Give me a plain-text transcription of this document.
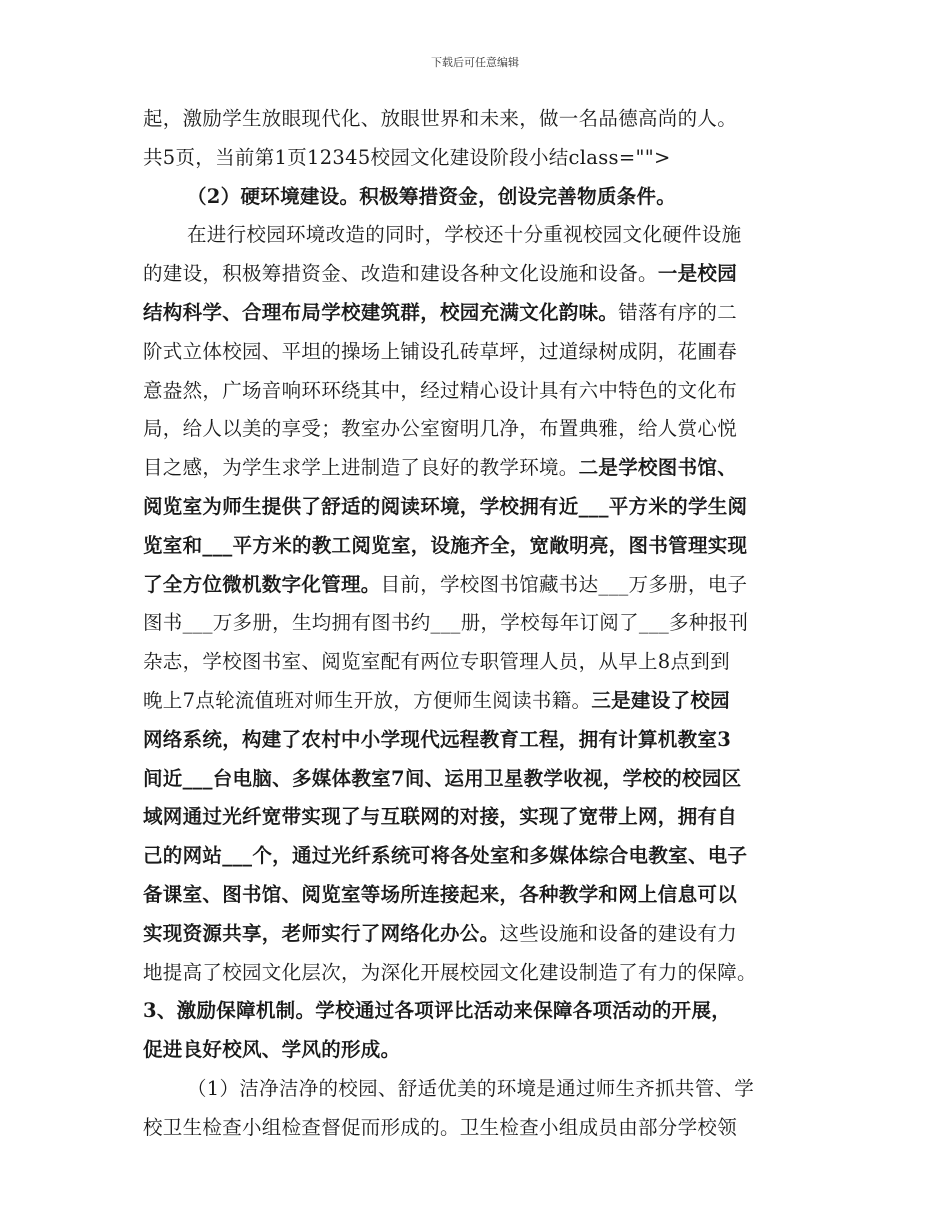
下载后可任意编辑
起，激励学生放眼现代化、放眼世界和未来，做一名品德高尚的人。
共5页，当前第1页12345校园文化建设阶段小结class="">
（2）硬环境建设。积极筹措资金，创设完善物质条件。
在进行校园环境改造的同时，学校还十分重视校园文化硬件设施
的建设，积极筹措资金、改造和建设各种文化设施和设备。一是校园
结构科学、合理布局学校建筑群，校园充满文化韵味。错落有序的二
阶式立体校园、平坦的操场上铺设孔砖草坪，过道绿树成阴，花圃春
意盎然，广场音响环环绕其中，经过精心设计具有六中特色的文化布
局，给人以美的享受；教室办公室窗明几净，布置典雅，给人赏心悦
目之感，为学生求学上进制造了良好的教学环境。二是学校图书馆、
阅览室为师生提供了舒适的阅读环境，学校拥有近___平方米的学生阅
览室和___平方米的教工阅览室，设施齐全，宽敞明亮，图书管理实现
了全方位微机数字化管理。目前，学校图书馆藏书达___万多册，电子
图书___万多册，生均拥有图书约___册，学校每年订阅了___多种报刊
杂志，学校图书室、阅览室配有两位专职管理人员，从早上8点到到
晚上7点轮流值班对师生开放，方便师生阅读书籍。三是建设了校园
网络系统，构建了农村中小学现代远程教育工程，拥有计算机教室3
间近___台电脑、多媒体教室7间、运用卫星教学收视，学校的校园区
域网通过光纤宽带实现了与互联网的对接，实现了宽带上网，拥有自
己的网站___个，通过光纤系统可将各处室和多媒体综合电教室、电子
备课室、图书馆、阅览室等场所连接起来，各种教学和网上信息可以
实现资源共享，老师实行了网络化办公。这些设施和设备的建设有力
地提高了校园文化层次，为深化开展校园文化建设制造了有力的保障。
3、激励保障机制。学校通过各项评比活动来保障各项活动的开展，
促进良好校风、学风的形成。
（1）洁净洁净的校园、舒适优美的环境是通过师生齐抓共管、学
校卫生检查小组检查督促而形成的。卫生检查小组成员由部分学校领
